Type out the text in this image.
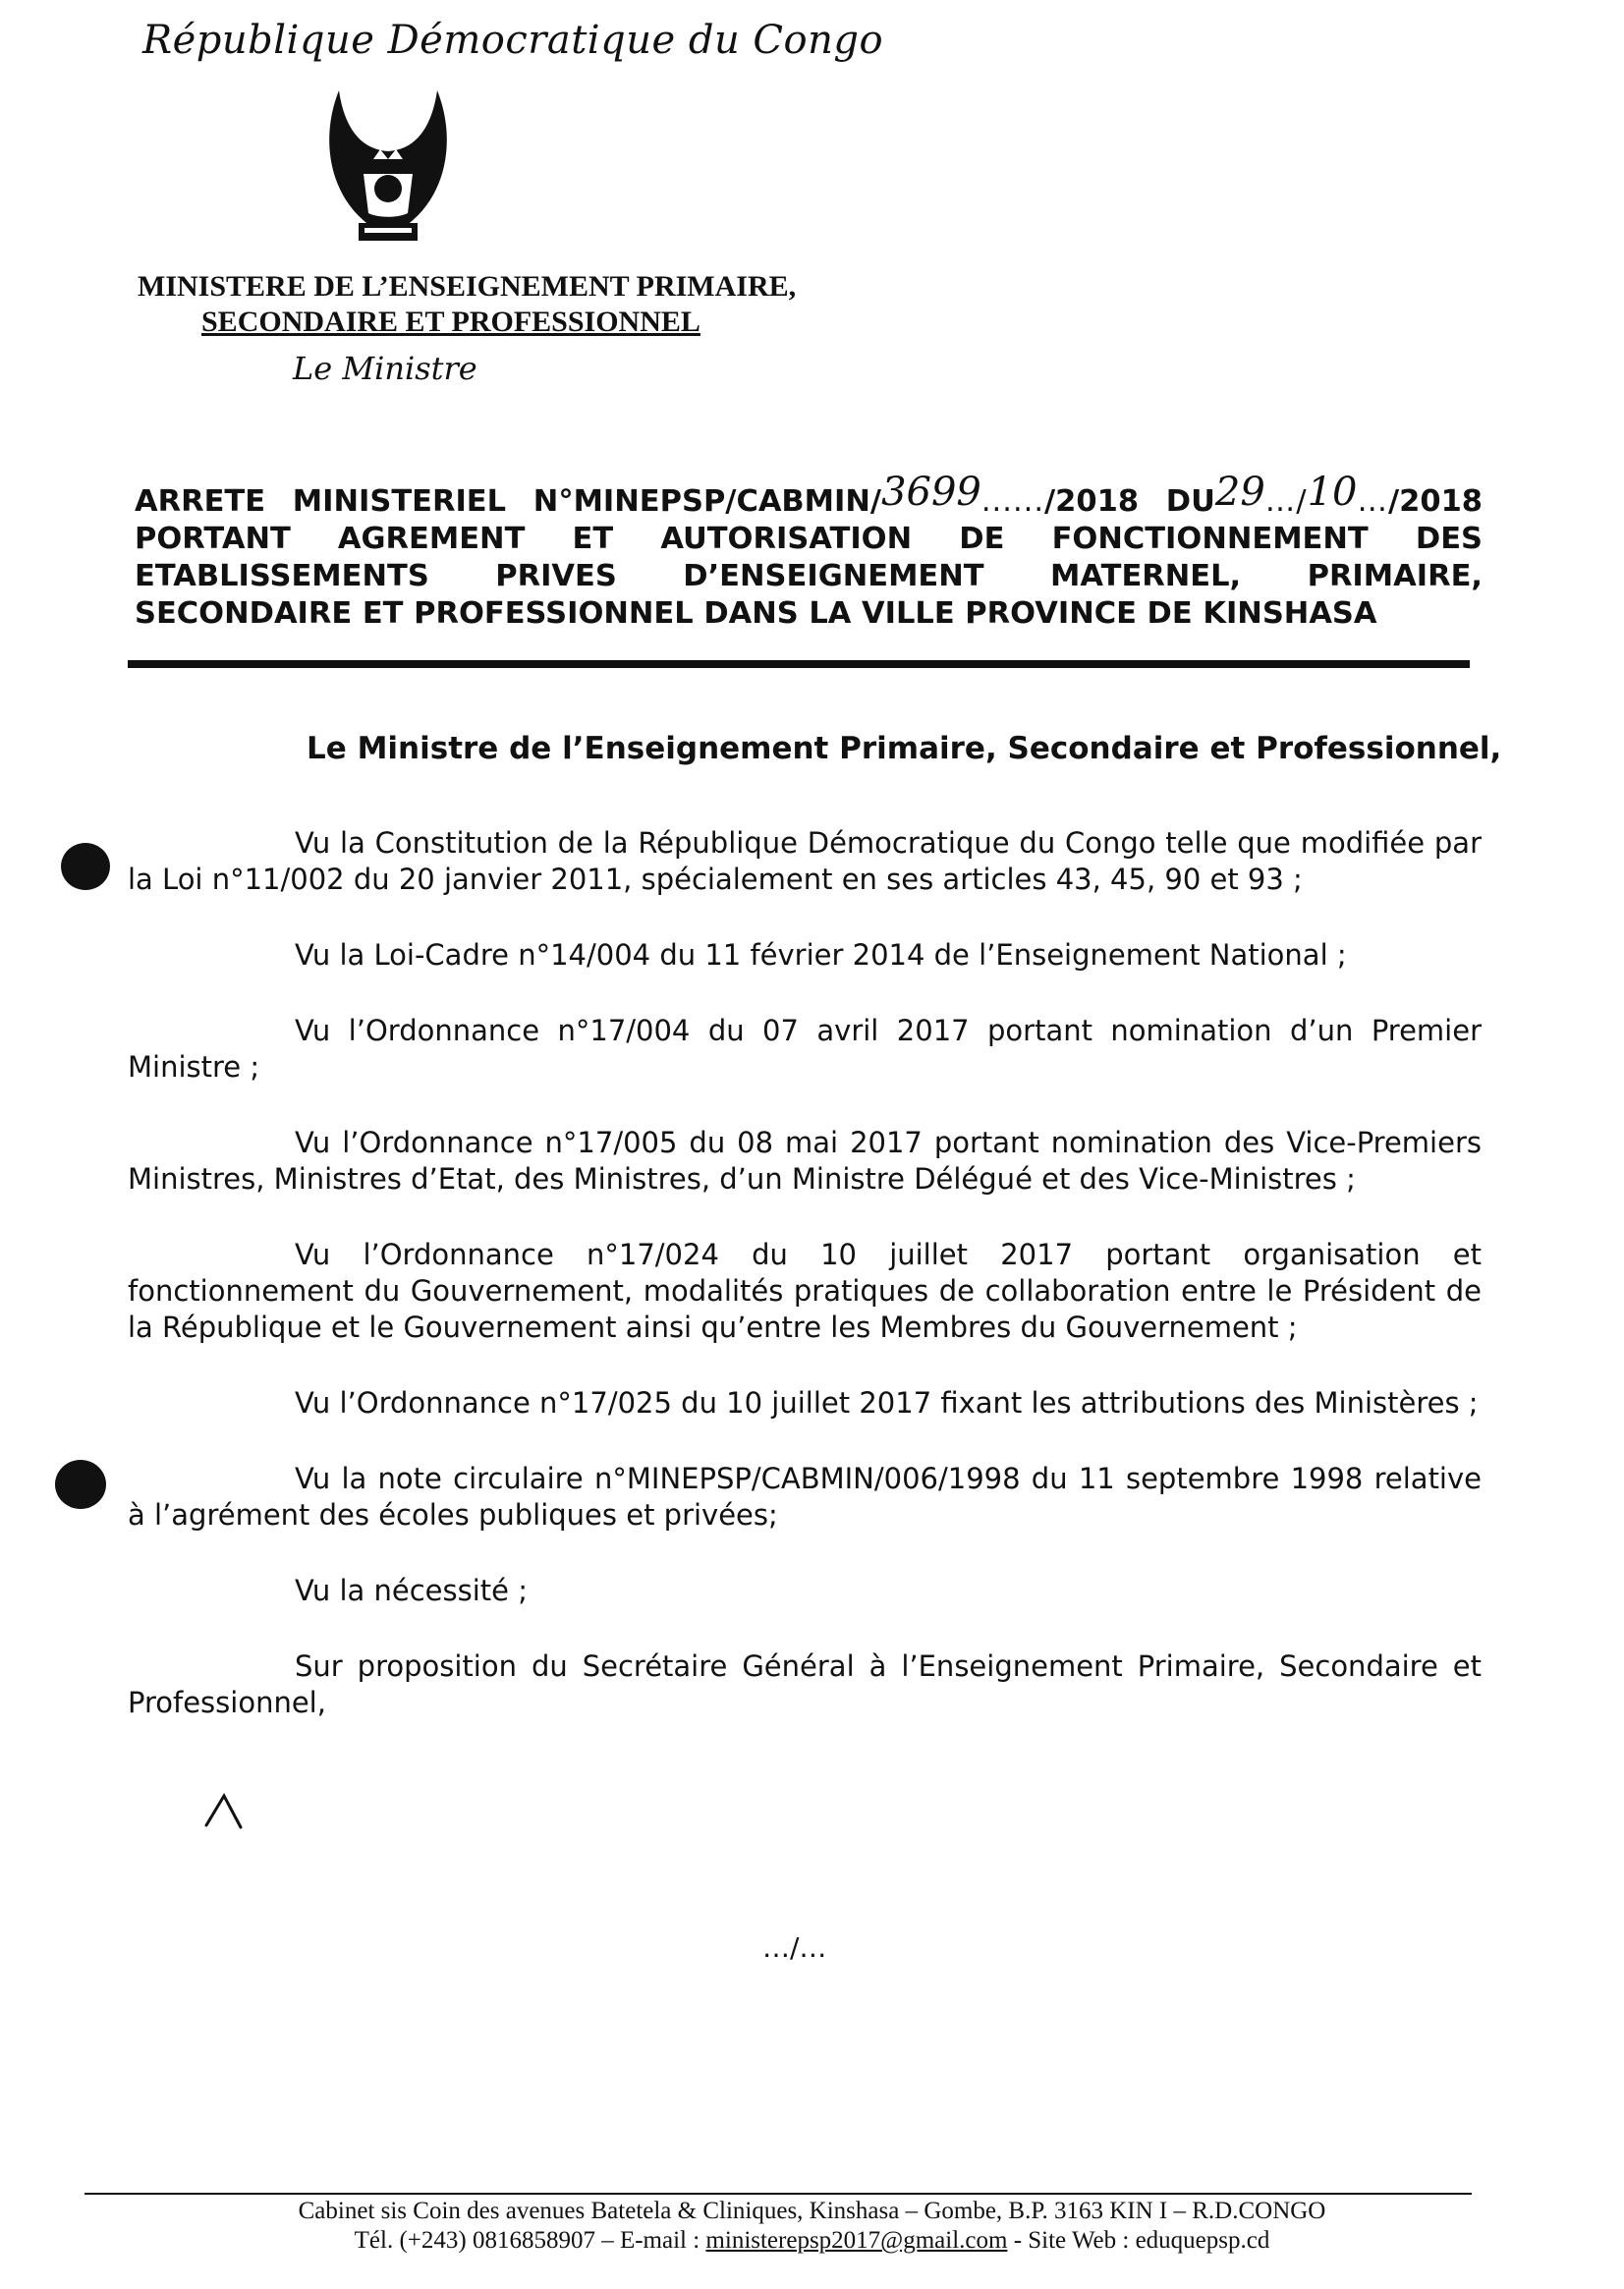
République Démocratique du Congo
MINISTERE DE L’ENSEIGNEMENT PRIMAIRE,
SECONDAIRE ET PROFESSIONNEL
Le Ministre
ARRETE MINISTERIEL N°MINEPSP/CABMIN/3699....../2018 DU29…/10…/2018
PORTANT AGREMENT ET AUTORISATION DE FONCTIONNEMENT DES
ETABLISSEMENTS PRIVES D’ENSEIGNEMENT MATERNEL, PRIMAIRE,
SECONDAIRE ET PROFESSIONNEL DANS LA VILLE PROVINCE DE KINSHASA
Le Ministre de l’Enseignement Primaire, Secondaire et Professionnel,

Vu la Constitution de la République Démocratique du Congo telle que modifiée par la Loi n°11/002 du 20 janvier 2011, spécialement en ses articles 43, 45, 90 et 93 ;

Vu la Loi-Cadre n°14/004 du 11 février 2014 de l’Enseignement National ;

Vu l’Ordonnance n°17/004 du 07 avril 2017 portant nomination d’un Premier Ministre ;

Vu l’Ordonnance n°17/005 du 08 mai 2017 portant nomination des Vice-Premiers Ministres, Ministres d’Etat, des Ministres, d’un Ministre Délégué et des Vice-Ministres ;

Vu l’Ordonnance n°17/024 du 10 juillet 2017 portant organisation et fonctionnement du Gouvernement, modalités pratiques de collaboration entre le Président de la République et le Gouvernement ainsi qu’entre les Membres du Gouvernement ;

Vu l’Ordonnance n°17/025 du 10 juillet 2017 fixant les attributions des Ministères ;

Vu la note circulaire n°MINEPSP/CABMIN/006/1998 du 11 septembre 1998 relative à l’agrément des écoles publiques et privées;

Vu la nécessité ;

Sur proposition du Secrétaire Général à l’Enseignement Primaire, Secondaire et Professionnel,

…/…
Cabinet sis Coin des avenues Batetela & Cliniques, Kinshasa – Gombe, B.P. 3163 KIN I – R.D.CONGO
Tél. (+243) 0816858907 – E-mail : ministerepsp2017@gmail.com - Site Web : eduquepsp.cd
